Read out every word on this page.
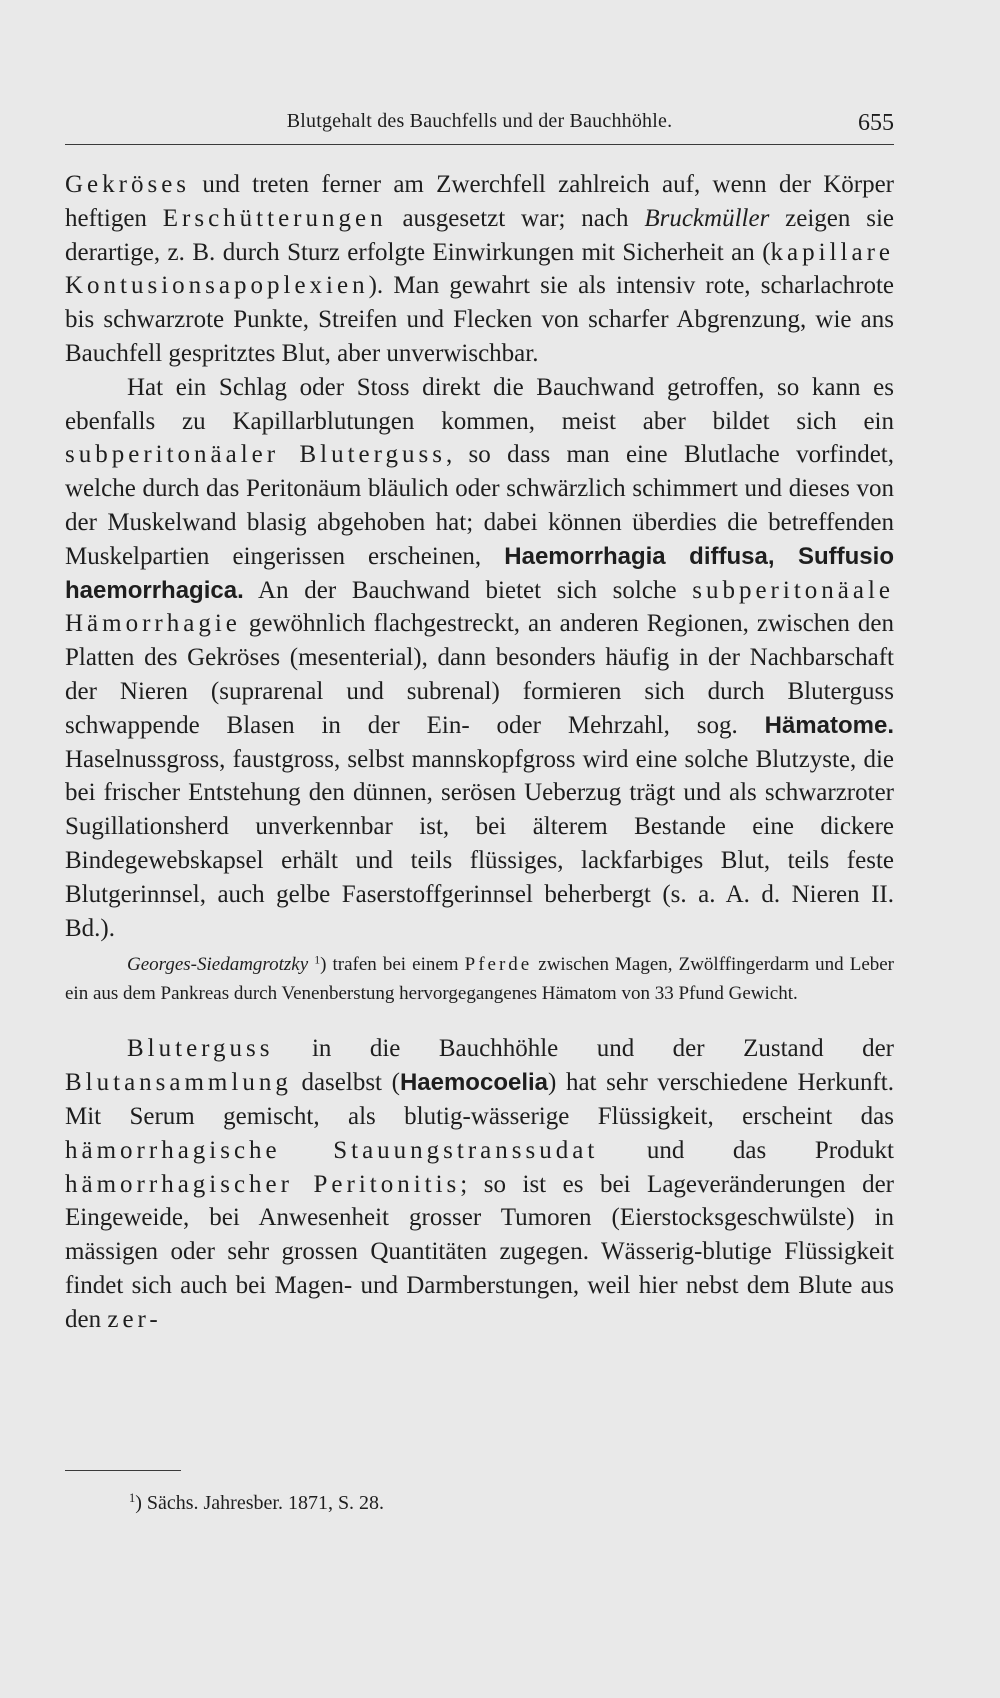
Blutgehalt des Bauchfells und der Bauchhöhle.	655

Gekröses und treten ferner am Zwerchfell zahlreich auf, wenn der Körper heftigen Erschütterungen ausgesetzt war; nach Bruckmüller zeigen sie derartige, z. B. durch Sturz erfolgte Einwirkungen mit Sicherheit an (kapillare Kontusionsapoplexien). Man gewahrt sie als intensiv rote, scharlachrote bis schwarzrote Punkte, Streifen und Flecken von scharfer Abgrenzung, wie ans Bauchfell gespritztes Blut, aber unverwischbar.

Hat ein Schlag oder Stoss direkt die Bauchwand getroffen, so kann es ebenfalls zu Kapillarblutungen kommen, meist aber bildet sich ein subperitonäaler Bluterguss, so dass man eine Blutlache vorfindet, welche durch das Peritonäum bläulich oder schwärzlich schimmert und dieses von der Muskelwand blasig abgehoben hat; dabei können überdies die betreffenden Muskelpartien eingerissen erscheinen, Haemorrhagia diffusa, Suffusio haemorrhagica. An der Bauchwand bietet sich solche subperitonäale Hämorrhagie gewöhnlich flachgestreckt, an anderen Regionen, zwischen den Platten des Gekröses (mesenterial), dann besonders häufig in der Nachbarschaft der Nieren (suprarenal und subrenal) formieren sich durch Bluterguss schwappende Blasen in der Ein- oder Mehrzahl, sog. Hämatome. Haselnussgross, faustgross, selbst mannskopfgross wird eine solche Blutzyste, die bei frischer Entstehung den dünnen, serösen Ueberzug trägt und als schwarzroter Sugillationsherd unverkennbar ist, bei älterem Bestande eine dickere Bindegewebskapsel erhält und teils flüssiges, lackfarbiges Blut, teils feste Blutgerinnsel, auch gelbe Faserstoffgerinnsel beherbergt (s. a. A. d. Nieren II. Bd.).

Georges-Siedamgrotzky $^1$) trafen bei einem Pferde zwischen Magen, Zwölffingerdarm und Leber ein aus dem Pankreas durch Venenberstung hervorgegangenes Hämatom von 33 Pfund Gewicht.

Bluterguss in die Bauchhöhle und der Zustand der Blutansammlung daselbst (Haemocoelia) hat sehr verschiedene Herkunft. Mit Serum gemischt, als blutig-wässerige Flüssigkeit, erscheint das hämorrhagische Stauungstranssudat und das Produkt hämorrhagischer Peritonitis; so ist es bei Lageveränderungen der Eingeweide, bei Anwesenheit grosser Tumoren (Eierstocksgeschwülste) in mässigen oder sehr grossen Quantitäten zugegen. Wässerig-blutige Flüssigkeit findet sich auch bei Magen- und Darmberstungen, weil hier nebst dem Blute aus den zer-

$^1$) Sächs. Jahresber. 1871, S. 28.
